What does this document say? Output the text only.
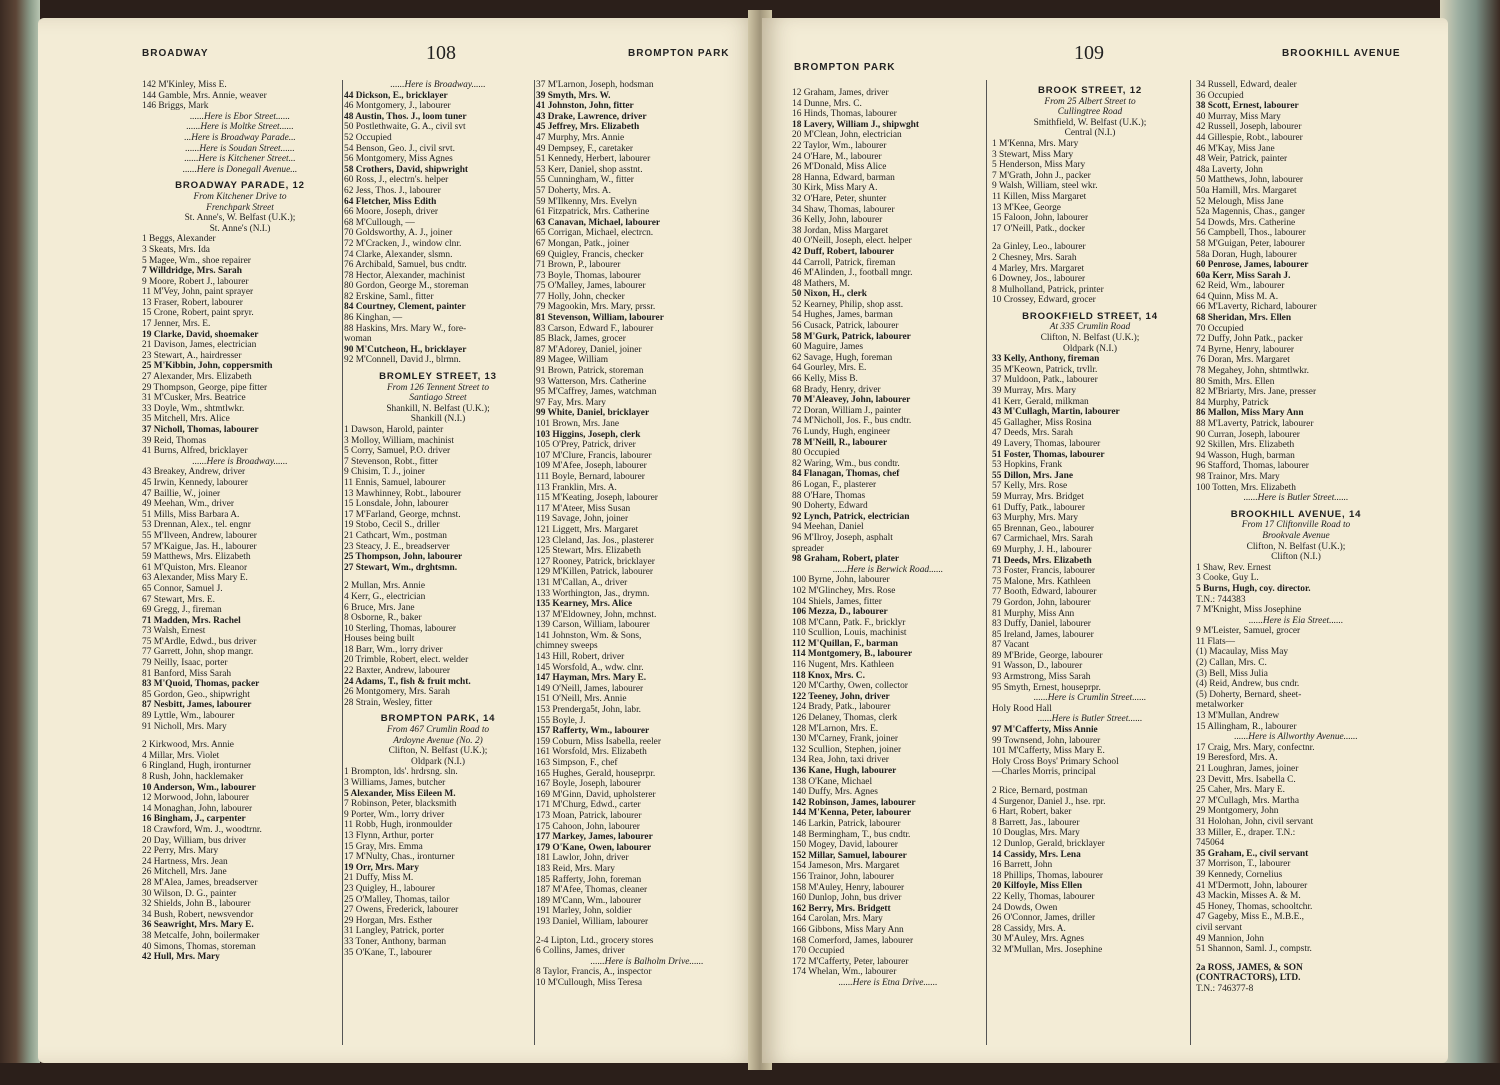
BROADWAY	108	BROMPTON PARK
142 M'Kinley, Miss E.
144 Gamble, Mrs. Annie, weaver
146 Briggs, Mark
......Here is Ebor Street......
......Here is Moltke Street......
...Here is Broadway Parade...
......Here is Soudan Street......
......Here is Kitchener Street...
......Here is Donegall Avenue...
BROADWAY PARADE, 12
From Kitchener Drive to
Frenchpark Street
St. Anne's, W. Belfast (U.K.);
St. Anne's (N.I.)
1 Beggs, Alexander
3 Skeats, Mrs. Ida
5 Magee, Wm., shoe repairer
7 Willdridge, Mrs. Sarah
9 Moore, Robert J., labourer
11 M'Vey, John, paint sprayer
13 Fraser, Robert, labourer
15 Crone, Robert, paint spryr.
17 Jenner, Mrs. E.
19 Clarke, David, shoemaker
21 Davison, James, electrician
23 Stewart, A., hairdresser
25 M'Kibbin, John, coppersmith
27 Alexander, Mrs. Elizabeth
29 Thompson, George, pipe fitter
31 M'Cusker, Mrs. Beatrice
33 Doyle, Wm., shtmtlwkr.
35 Mitchell, Mrs. Alice
37 Nicholl, Thomas, labourer
39 Reid, Thomas
41 Burns, Alfred, bricklayer
......Here is Broadway......
43 Breakey, Andrew, driver
45 Irwin, Kennedy, labourer
47 Baillie, W., joiner
49 Meehan, Wm., driver
51 Mills, Miss Barbara A.
53 Drennan, Alex., tel. engnr
55 M'Ilveen, Andrew, labourer
57 M'Kaigue, Jas. H., labourer
59 Matthews, Mrs. Elizabeth
61 M'Quiston, Mrs. Eleanor
63 Alexander, Miss Mary E.
65 Connor, Samuel J.
67 Stewart, Mrs. E.
69 Gregg, J., fireman
71 Madden, Mrs. Rachel
73 Walsh, Ernest
75 M'Ardle, Edwd., bus driver
77 Garrett, John, shop mangr.
79 Neilly, Isaac, porter
81 Banford, Miss Sarah
83 M'Quoid, Thomas, packer
85 Gordon, Geo., shipwright
87 Nesbitt, James, labourer
89 Lyttle, Wm., labourer
91 Nicholl, Mrs. Mary
2 Kirkwood, Mrs. Annie
4 Millar, Mrs. Violet
6 Ringland, Hugh, ironturner
8 Rush, John, hacklemaker
10 Anderson, Wm., labourer
12 Morwood, John, labourer
14 Monaghan, John, labourer
16 Bingham, J., carpenter
18 Crawford, Wm. J., woodtrnr.
20 Day, William, bus driver
22 Perry, Mrs. Mary
24 Hartness, Mrs. Jean
26 Mitchell, Mrs. Jane
28 M'Alea, James, breadserver
30 Wilson, D. G., painter
32 Shields, John B., labourer
34 Bush, Robert, newsvendor
36 Seawright, Mrs. Mary E.
38 Metcalfe, John, boilermaker
40 Simons, Thomas, storeman
42 Hull, Mrs. Mary
......Here is Broadway......
44 Dickson, E., bricklayer
46 Montgomery, J., labourer
48 Austin, Thos. J., loom tuner
50 Postlethwaite, G. A., civil svt
52 Occupied
54 Benson, Geo. J., civil srvt.
56 Montgomery, Miss Agnes
58 Crothers, David, shipwright
60 Ross, J., electrn's. helper
62 Jess, Thos. J., labourer
64 Fletcher, Miss Edith
66 Moore, Joseph, driver
68 M'Cullough, —
70 Goldsworthy, A. J., joiner
72 M'Cracken, J., window clnr.
74 Clarke, Alexander, slsmn.
76 Archibald, Samuel, bus cndtr.
78 Hector, Alexander, machinist
80 Gordon, George M., storeman
82 Erskine, Saml., fitter
84 Courtney, Clement, painter
86 Kinghan, —
88 Haskins, Mrs. Mary W., fore-
woman
90 M'Cutcheon, H., bricklayer
92 M'Connell, David J., blrmn.
BROMLEY STREET, 13
From 126 Tennent Street to
Santiago Street
Shankill, N. Belfast (U.K.);
Shankill (N.I.)
1 Dawson, Harold, painter
3 Molloy, William, machinist
5 Corry, Samuel, P.O. driver
7 Stevenson, Robt., fitter
9 Chisim, T. J., joiner
11 Ennis, Samuel, labourer
13 Mawhinney, Robt., labourer
15 Lonsdale, John, labourer
17 M'Farland, George, mchnst.
19 Stobo, Cecil S., driller
21 Cathcart, Wm., postman
23 Steacy, J. E., breadserver
25 Thompson, John, labourer
27 Stewart, Wm., drghtsmn.
2 Mullan, Mrs. Annie
4 Kerr, G., electrician
6 Bruce, Mrs. Jane
8 Osborne, R., baker
10 Sterling, Thomas, labourer
Houses being built
18 Barr, Wm., lorry driver
20 Trimble, Robert, elect. welder
22 Baxter, Andrew, labourer
24 Adams, T., fish & fruit mcht.
26 Montgomery, Mrs. Sarah
28 Strain, Wesley, fitter
BROMPTON PARK, 14
From 467 Crumlin Road to
Ardoyne Avenue (No. 2)
Clifton, N. Belfast (U.K.);
Oldpark (N.I.)
1 Brompton, lds'. hrdrsng. sln.
3 Williams, James, butcher
5 Alexander, Miss Eileen M.
7 Robinson, Peter, blacksmith
9 Porter, Wm., lorry driver
11 Robb, Hugh, ironmoulder
13 Flynn, Arthur, porter
15 Gray, Mrs. Emma
17 M'Nulty, Chas., ironturner
19 Orr, Mrs. Mary
21 Duffy, Miss M.
23 Quigley, H., labourer
25 O'Malley, Thomas, tailor
27 Owens, Frederick, labourer
29 Horgan, Mrs. Esther
31 Langley, Patrick, porter
33 Toner, Anthony, barman
35 O'Kane, T., labourer
37 M'Larnon, Joseph, hodsman
39 Smyth, Mrs. W.
41 Johnston, John, fitter
43 Drake, Lawrence, driver
45 Jeffrey, Mrs. Elizabeth
47 Murphy, Mrs. Annie
49 Dempsey, F., caretaker
51 Kennedy, Herbert, labourer
53 Kerr, Daniel, shop asstnt.
55 Cunningham, W., fitter
57 Doherty, Mrs. A.
59 M'Ilkenny, Mrs. Evelyn
61 Fitzpatrick, Mrs. Catherine
63 Canavan, Michael, labourer
65 Corrigan, Michael, electrcn.
67 Mongan, Patk., joiner
69 Quigley, Francis, checker
71 Brown, P., labourer
73 Boyle, Thomas, labourer
75 O'Malley, James, labourer
77 Holly, John, checker
79 Magookin, Mrs. Mary, prssr.
81 Stevenson, William, labourer
83 Carson, Edward F., labourer
85 Black, James, grocer
87 M'Adorey, Daniel, joiner
89 Magee, William
91 Brown, Patrick, storeman
93 Watterson, Mrs. Catherine
95 M'Caffrey, James, watchman
97 Fay, Mrs. Mary
99 White, Daniel, bricklayer
101 Brown, Mrs. Jane
103 Higgins, Joseph, clerk
105 O'Prey, Patrick, driver
107 M'Clure, Francis, labourer
109 M'Afee, Joseph, labourer
111 Boyle, Bernard, labourer
113 Franklin, Mrs. A.
115 M'Keating, Joseph, labourer
117 M'Ateer, Miss Susan
119 Savage, John, joiner
121 Liggett, Mrs. Margaret
123 Cleland, Jas. Jos., plasterer
125 Stewart, Mrs. Elizabeth
127 Rooney, Patrick, bricklayer
129 M'Killen, Patrick, labourer
131 M'Callan, A., driver
133 Worthington, Jas., drymn.
135 Kearney, Mrs. Alice
137 M'Eldowney, John, mchnst.
139 Carson, William, labourer
141 Johnston, Wm. & Sons,
chimney sweeps
143 Hill, Robert, driver
145 Worsfold, A., wdw. clnr.
147 Hayman, Mrs. Mary E.
149 O'Neill, James, labourer
151 O'Neill, Mrs. Annie
153 Prenderga5t, John, labr.
155 Boyle, J.
157 Rafferty, Wm., labourer
159 Coburn, Miss Isabella, reeler
161 Worsfold, Mrs. Elizabeth
163 Simpson, F., chef
165 Hughes, Gerald, houseprpr.
167 Boyle, Joseph, labourer
169 M'Ginn, David, upholsterer
171 M'Churg, Edwd., carter
173 Moan, Patrick, labourer
175 Cahoon, John, labourer
177 Markey, James, labourer
179 O'Kane, Owen, labourer
181 Lawlor, John, driver
183 Reid, Mrs. Mary
185 Rafferty, John, foreman
187 M'Afee, Thomas, cleaner
189 M'Cann, Wm., labourer
191 Marley, John, soldier
193 Daniel, William, labourer
2-4 Lipton, Ltd., grocery stores
6 Collins, James, driver
......Here is Balholm Drive......
8 Taylor, Francis, A., inspector
10 M'Cullough, Miss Teresa
BROMPTON PARK
109	BROOKHILL AVENUE
12 Graham, James, driver
14 Dunne, Mrs. C.
16 Hinds, Thomas, labourer
18 Lavery, William J., shipwght
20 M'Clean, John, electrician
22 Taylor, Wm., labourer
24 O'Hare, M., labourer
26 M'Donald, Miss Alice
28 Hanna, Edward, barman
30 Kirk, Miss Mary A.
32 O'Hare, Peter, shunter
34 Shaw, Thomas, labourer
36 Kelly, John, labourer
38 Jordan, Miss Margaret
40 O'Neill, Joseph, elect. helper
42 Duff, Robert, labourer
44 Carroll, Patrick, fireman
46 M'Alinden, J., football mngr.
48 Mathers, M.
50 Nixon, H., clerk
52 Kearney, Philip, shop asst.
54 Hughes, James, barman
56 Cusack, Patrick, labourer
58 M'Gurk, Patrick, labourer
60 Maguire, James
62 Savage, Hugh, foreman
64 Gourley, Mrs. E.
66 Kelly, Miss B.
68 Brady, Henry, driver
70 M'Aleavey, John, labourer
72 Doran, William J., painter
74 M'Nicholl, Jos. F., bus cndtr.
76 Lundy, Hugh, engineer
78 M'Neill, R., labourer
80 Occupied
82 Waring, Wm., bus condtr.
84 Flanagan, Thomas, chef
86 Logan, F., plasterer
88 O'Hare, Thomas
90 Doherty, Edward
92 Lynch, Patrick, electrician
94 Meehan, Daniel
96 M'Ilroy, Joseph, asphalt
spreader
98 Graham, Robert, plater
......Here is Berwick Road......
100 Byrne, John, labourer
102 M'Glinchey, Mrs. Rose
104 Shiels, James, fitter
106 Mezza, D., labourer
108 M'Cann, Patk. F., bricklyr
110 Scullion, Louis, machinist
112 M'Quillan, F., barman
114 Montgomery, B., labourer
116 Nugent, Mrs. Kathleen
118 Knox, Mrs. C.
120 M'Carthy, Owen, collector
122 Teeney, John, driver
124 Brady, Patk., labourer
126 Delaney, Thomas, clerk
128 M'Larnon, Mrs. E.
130 M'Carney, Frank, joiner
132 Scullion, Stephen, joiner
134 Rea, John, taxi driver
136 Kane, Hugh, labourer
138 O'Kane, Michael
140 Duffy, Mrs. Agnes
142 Robinson, James, labourer
144 M'Kenna, Peter, labourer
146 Larkin, Patrick, labourer
148 Bermingham, T., bus cndtr.
150 Mogey, David, labourer
152 Millar, Samuel, labourer
154 Jameson, Mrs. Margaret
156 Trainor, John, labourer
158 M'Auley, Henry, labourer
160 Dunlop, John, bus driver
162 Berry, Mrs. Bridgett
164 Carolan, Mrs. Mary
166 Gibbons, Miss Mary Ann
168 Comerford, James, labourer
170 Occupied
172 M'Cafferty, Peter, labourer
174 Whelan, Wm., labourer
......Here is Etna Drive......
BROOK STREET, 12
From 25 Albert Street to
Cullingtree Road
Smithfield, W. Belfast (U.K.);
Central (N.I.)
1 M'Kenna, Mrs. Mary
3 Stewart, Miss Mary
5 Henderson, Miss Mary
7 M'Grath, John J., packer
9 Walsh, William, steel wkr.
11 Killen, Miss Margaret
13 M'Kee, George
15 Faloon, John, labourer
17 O'Neill, Patk., docker
2a Ginley, Leo., labourer
2 Chesney, Mrs. Sarah
4 Marley, Mrs. Margaret
6 Downey, Jos., labourer
8 Mulholland, Patrick, printer
10 Crossey, Edward, grocer
BROOKFIELD STREET, 14
At 335 Crumlin Road
Clifton, N. Belfast (U.K.);
Oldpark (N.I.)
33 Kelly, Anthony, fireman
35 M'Keown, Patrick, trvllr.
37 Muldoon, Patk., labourer
39 Murray, Mrs. Mary
41 Kerr, Gerald, milkman
43 M'Cullagh, Martin, labourer
45 Gallagher, Miss Rosina
47 Deeds, Mrs. Sarah
49 Lavery, Thomas, labourer
51 Foster, Thomas, labourer
53 Hopkins, Frank
55 Dillon, Mrs. Jane
57 Kelly, Mrs. Rose
59 Murray, Mrs. Bridget
61 Duffy, Patk., labourer
63 Murphy, Mrs. Mary
65 Brennan, Geo., labourer
67 Carmichael, Mrs. Sarah
69 Murphy, J. H., labourer
71 Deeds, Mrs. Elizabeth
73 Foster, Francis, labourer
75 Malone, Mrs. Kathleen
77 Booth, Edward, labourer
79 Gordon, John, labourer
81 Murphy, Miss Ann
83 Duffy, Daniel, labourer
85 Ireland, James, labourer
87 Vacant
89 M'Bride, George, labourer
91 Wasson, D., labourer
93 Armstrong, Miss Sarah
95 Smyth, Ernest, houseprpr.
......Here is Crumlin Street......
Holy Rood Hall
......Here is Butler Street......
97 M'Cafferty, Miss Annie
99 Townsend, John, labourer
101 M'Cafferty, Miss Mary E.
Holy Cross Boys' Primary School
—Charles Morris, principal
2 Rice, Bernard, postman
4 Surgenor, Daniel J., hse. rpr.
6 Hart, Robert, baker
8 Barrett, Jas., labourer
10 Douglas, Mrs. Mary
12 Dunlop, Gerald, bricklayer
14 Cassidy, Mrs. Lena
16 Barrett, John
18 Phillips, Thomas, labourer
20 Kilfoyle, Miss Ellen
22 Kelly, Thomas, labourer
24 Dowds, Owen
26 O'Connor, James, driller
28 Cassidy, Mrs. A.
30 M'Auley, Mrs. Agnes
32 M'Mullan, Mrs. Josephine
34 Russell, Edward, dealer
36 Occupied
38 Scott, Ernest, labourer
40 Murray, Miss Mary
42 Russell, Joseph, labourer
44 Gillespie, Robt., labourer
46 M'Kay, Miss Jane
48 Weir, Patrick, painter
48a Laverty, John
50 Matthews, John, labourer
50a Hamill, Mrs. Margaret
52 Melough, Miss Jane
52a Magennis, Chas., ganger
54 Dowds, Mrs. Catherine
56 Campbell, Thos., labourer
58 M'Guigan, Peter, labourer
58a Doran, Hugh, labourer
60 Penrose, James, labourer
60a Kerr, Miss Sarah J.
62 Reid, Wm., labourer
64 Quinn, Miss M. A.
66 M'Laverty, Richard, labourer
68 Sheridan, Mrs. Ellen
70 Occupied
72 Duffy, John Patk., packer
74 Byrne, Henry, labourer
76 Doran, Mrs. Margaret
78 Megahey, John, shtmtlwkr.
80 Smith, Mrs. Ellen
82 M'Briarty, Mrs. Jane, presser
84 Murphy, Patrick
86 Mallon, Miss Mary Ann
88 M'Laverty, Patrick, labourer
90 Curran, Joseph, labourer
92 Skillen, Mrs. Elizabeth
94 Wasson, Hugh, barman
96 Stafford, Thomas, labourer
98 Trainor, Mrs. Mary
100 Totten, Mrs. Elizabeth
......Here is Butler Street......
BROOKHILL AVENUE, 14
From 17 Cliftonville Road to
Brookvale Avenue
Clifton, N. Belfast (U.K.);
Clifton (N.I.)
1 Shaw, Rev. Ernest
3 Cooke, Guy L.
5 Burns, Hugh, coy. director.
T.N.: 744383
7 M'Knight, Miss Josephine
......Here is Eia Street......
9 M'Leister, Samuel, grocer
11 Flats—
(1) Macaulay, Miss May
(2) Callan, Mrs. C.
(3) Bell, Miss Julia
(4) Reid, Andrew, bus cndr.
(5) Doherty, Bernard, sheet-
metalworker
13 M'Mullan, Andrew
15 Allingham, R., labourer
......Here is Allworthy Avenue......
17 Craig, Mrs. Mary, confectnr.
19 Beresford, Mrs. A.
21 Loughran, James, joiner
23 Devitt, Mrs. Isabella C.
25 Caher, Mrs. Mary E.
27 M'Cullagh, Mrs. Martha
29 Montgomery, John
31 Holohan, John, civil servant
33 Miller, E., draper. T.N.:
745064
35 Graham, E., civil servant
37 Morrison, T., labourer
39 Kennedy, Cornelius
41 M'Dermott, John, labourer
43 Mackin, Misses A. & M.
45 Honey, Thomas, schooltchr.
47 Gageby, Miss E., M.B.E.,
civil servant
49 Mannion, John
51 Shannon, Saml. J., compstr.
2a ROSS, JAMES, & SON
(CONTRACTORS), LTD.
T.N.: 746377-8
